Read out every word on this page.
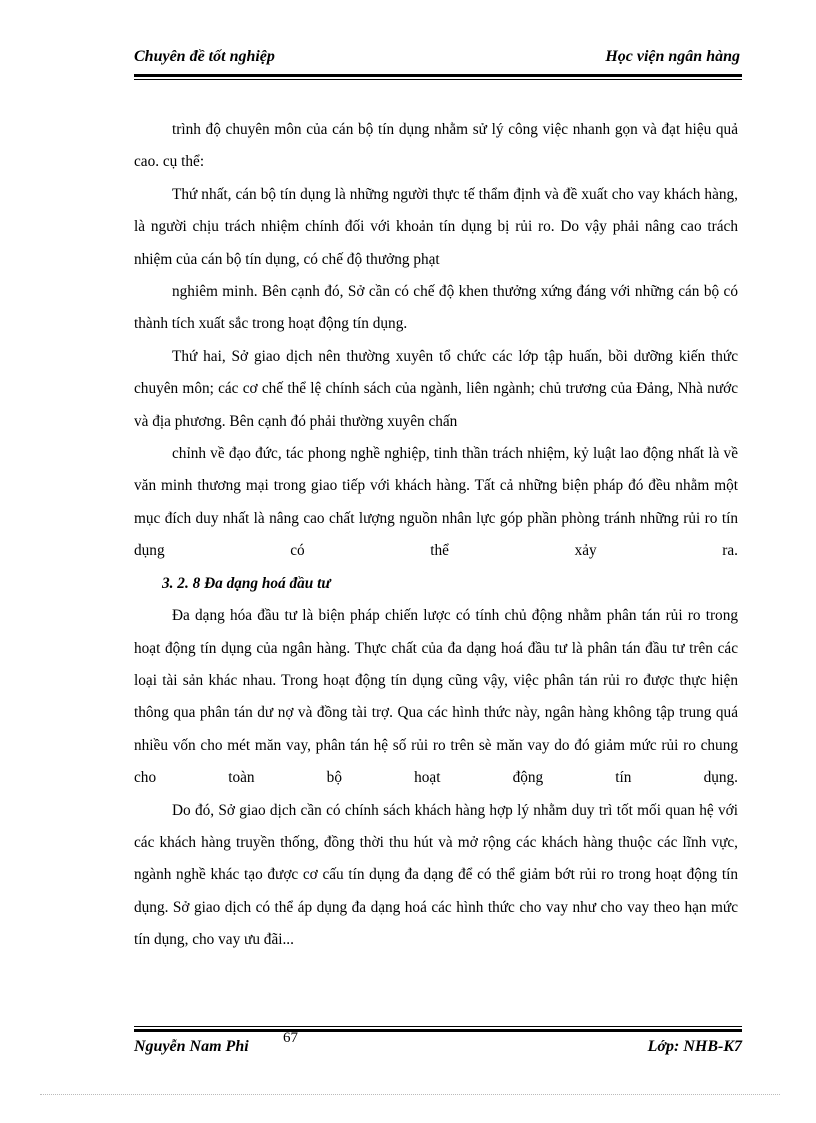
Chuyên đề tốt nghiệp	Học viện ngân hàng

trình độ chuyên môn của cán bộ tín dụng nhằm sử lý công việc nhanh gọn và đạt hiệu quả cao. cụ thể:

Thứ nhất, cán bộ tín dụng là những người thực tế thẩm định và đề xuất cho vay khách hàng, là người chịu trách nhiệm chính đối với khoản tín dụng bị rủi ro. Do vậy phải nâng cao trách nhiệm của cán bộ tín dụng, có chế độ thưởng phạt

nghiêm minh. Bên cạnh đó, Sở cần có chế độ khen thưởng xứng đáng với những cán bộ có thành tích xuất sắc trong hoạt động tín dụng.

Thứ hai, Sở giao dịch nên thường xuyên tổ chức các lớp tập huấn, bồi dưỡng kiến thức chuyên môn; các cơ chế thể lệ chính sách của ngành, liên ngành; chủ trương của Đảng, Nhà nước và địa phương. Bên cạnh đó phải thường xuyên chấn

chỉnh về đạo đức, tác phong nghề nghiệp, tinh thần trách nhiệm, kỷ luật lao động nhất là về văn minh thương mại trong giao tiếp với khách hàng. Tất cả những biện pháp đó đều nhằm một mục đích duy nhất là nâng cao chất lượng nguồn nhân lực góp phần phòng tránh những rủi ro tín dụng có thể xảy ra.

3. 2. 8 Đa dạng hoá đầu tư

Đa dạng hóa đầu tư là biện pháp chiến lược có tính chủ động nhằm phân tán rủi ro trong hoạt động tín dụng của ngân hàng. Thực chất của đa dạng hoá đầu tư là phân tán đầu tư trên các loại tài sản khác nhau. Trong hoạt động tín dụng cũng vậy, việc phân tán rủi ro được thực hiện thông qua phân tán dư nợ và đồng tài trợ. Qua các hình thức này, ngân hàng không tập trung quá nhiều vốn cho mét măn vay, phân tán hệ số rủi ro trên sè măn vay do đó giảm mức rủi ro chung cho toàn bộ hoạt động tín dụng.

Do đó, Sở giao dịch cần có chính sách khách hàng hợp lý nhằm duy trì tốt mối quan hệ với các khách hàng truyền thống, đồng thời thu hút và mở rộng các khách hàng thuộc các lĩnh vực, ngành nghề khác tạo được cơ cấu tín dụng đa dạng để có thể giảm bớt rủi ro trong hoạt động tín dụng. Sở giao dịch có thể áp dụng đa dạng hoá các hình thức cho vay như cho vay theo hạn mức tín dụng, cho vay ưu đãi...

Nguyễn Nam Phi 67	Lớp: NHB-K7
